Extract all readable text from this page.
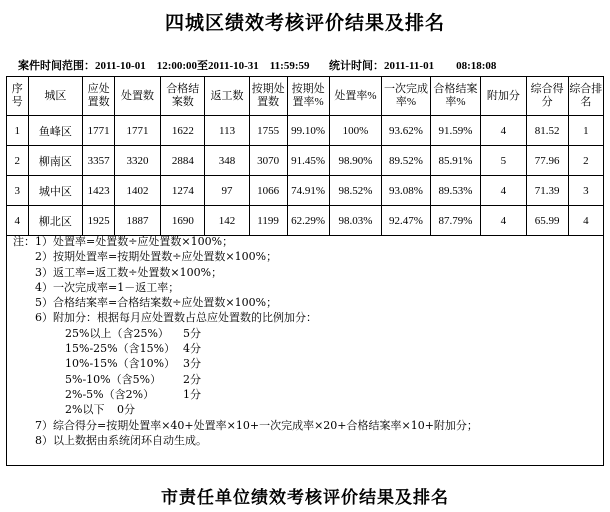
四城区绩效考核评价结果及排名
案件时间范围：2011-10-01　12:00:00至2011-10-31　11:59:59 统计时间：2011-11-01　　08:18:08
序号	城区	应处置数	处置数	合格结案数	返工数	按期处置数	按期处置率%	处置率%	一次完成率%	合格结案率%	附加分	综合得分	综合排名
1	鱼峰区	1771	1771	1622	113	1755	99.10%	100%	93.62%	91.59%	4	81.52	1
2	柳南区	3357	3320	2884	348	3070	91.45%	98.90%	89.52%	85.91%	5	77.96	2
3	城中区	1423	1402	1274	97	1066	74.91%	98.52%	93.08%	89.53%	4	71.39	3
4	柳北区	1925	1887	1690	142	1199	62.29%	98.03%	92.47%	87.79%	4	65.99	4
注：1）处置率=处置数÷应处置数×100%；
2）按期处置率=按期处置数÷应处置数×100%；
3）返工率=返工数÷处置数×100%；
4）一次完成率=1－返工率；
5）合格结案率=合格结案数÷应处置数×100%；
6）附加分：根据每月应处置数占总应处置数的比例加分：
25%以上（含25%） 5分
15%-25%（含15%） 4分
10%-15%（含10%） 3分
5%-10%（含5%） 2分
2%-5%（含2%）	1分
2%以下 0分
7）综合得分=按期处置率×40+处置率×10+一次完成率×20+合格结案率×10+附加分；
8）以上数据由系统闭环自动生成。
市责任单位绩效考核评价结果及排名
